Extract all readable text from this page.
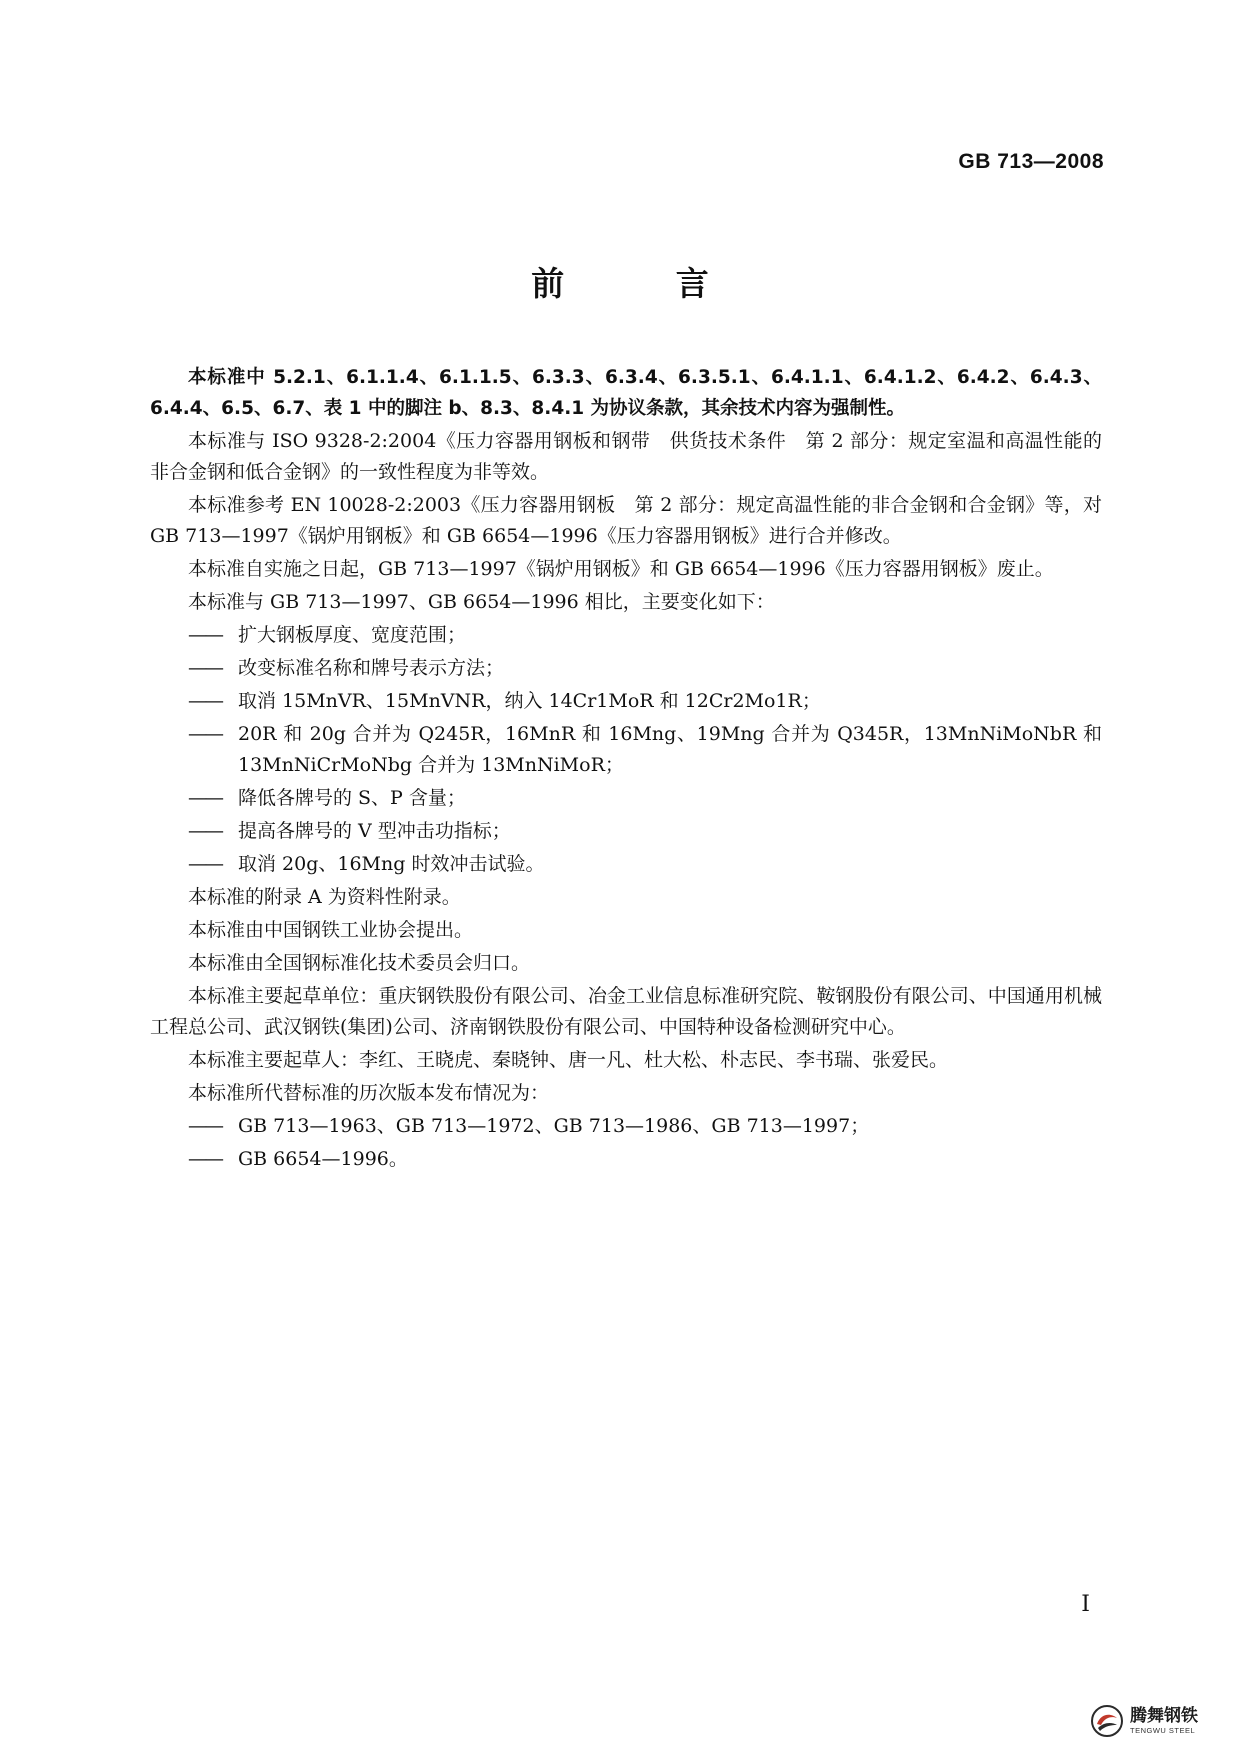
GB 713—2008
前 言
本标准中 5.2.1、6.1.1.4、6.1.1.5、6.3.3、6.3.4、6.3.5.1、6.4.1.1、6.4.1.2、6.4.2、6.4.3、6.4.4、6.5、6.7、表 1 中的脚注 b、8.3、8.4.1 为协议条款，其余技术内容为强制性。
本标准与 ISO 9328-2:2004《压力容器用钢板和钢带　供货技术条件　第 2 部分：规定室温和高温性能的非合金钢和低合金钢》的一致性程度为非等效。
本标准参考 EN 10028-2:2003《压力容器用钢板　第 2 部分：规定高温性能的非合金钢和合金钢》等，对 GB 713—1997《锅炉用钢板》和 GB 6654—1996《压力容器用钢板》进行合并修改。
本标准自实施之日起，GB 713—1997《锅炉用钢板》和 GB 6654—1996《压力容器用钢板》废止。
本标准与 GB 713—1997、GB 6654—1996 相比，主要变化如下：
—— 扩大钢板厚度、宽度范围；
—— 改变标准名称和牌号表示方法；
—— 取消 15MnVR、15MnVNR，纳入 14Cr1MoR 和 12Cr2Mo1R；
—— 20R 和 20g 合并为 Q245R，16MnR 和 16Mng、19Mng 合并为 Q345R，13MnNiMoNbR 和 13MnNiCrMoNbg 合并为 13MnNiMoR；
—— 降低各牌号的 S、P 含量；
—— 提高各牌号的 V 型冲击功指标；
—— 取消 20g、16Mng 时效冲击试验。
本标准的附录 A 为资料性附录。
本标准由中国钢铁工业协会提出。
本标准由全国钢标准化技术委员会归口。
本标准主要起草单位：重庆钢铁股份有限公司、冶金工业信息标准研究院、鞍钢股份有限公司、中国通用机械工程总公司、武汉钢铁(集团)公司、济南钢铁股份有限公司、中国特种设备检测研究中心。
本标准主要起草人：李红、王晓虎、秦晓钟、唐一凡、杜大松、朴志民、李书瑞、张爱民。
本标准所代替标准的历次版本发布情况为：
—— GB 713—1963、GB 713—1972、GB 713—1986、GB 713—1997；
—— GB 6654—1996。
I
腾舞钢铁
TENGWU STEEL
